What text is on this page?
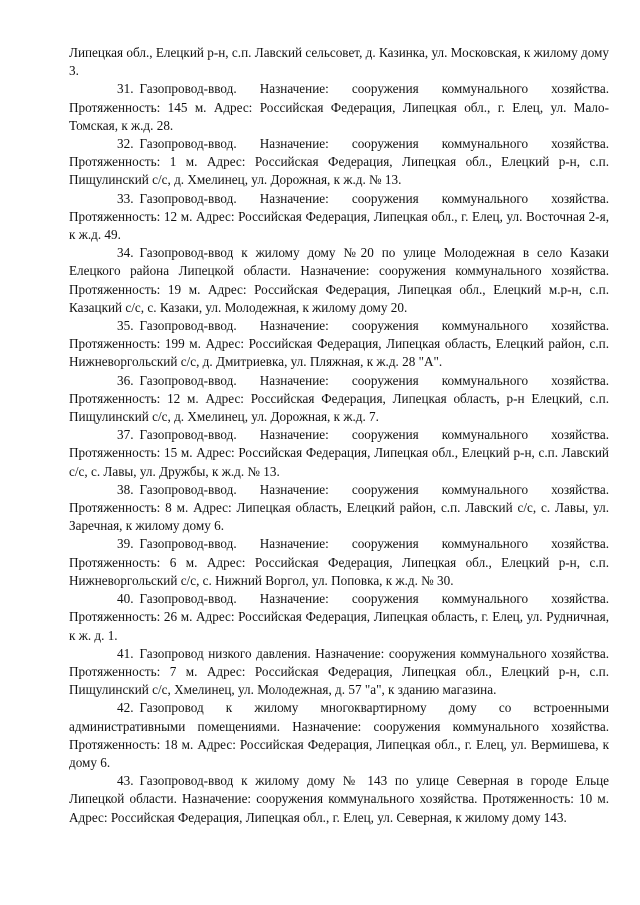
Липецкая обл., Елецкий р-н, с.п. Лавский сельсовет, д. Казинка, ул. Московская, к жилому дому 3.

31. Газопровод-ввод. Назначение: сооружения коммунального хозяйства. Протяженность: 145 м. Адрес: Российская Федерация, Липецкая обл., г. Елец, ул. Мало-Томская, к ж.д. 28.

32. Газопровод-ввод. Назначение: сооружения коммунального хозяйства. Протяженность: 1 м. Адрес: Российская Федерация, Липецкая обл., Елецкий р-н, с.п. Пищулинский с/с, д. Хмелинец, ул. Дорожная, к ж.д. № 13.

33. Газопровод-ввод. Назначение: сооружения коммунального хозяйства. Протяженность: 12 м. Адрес: Российская Федерация, Липецкая обл., г. Елец, ул. Восточная 2-я, к ж.д. 49.

34. Газопровод-ввод к жилому дому №20 по улице Молодежная в село Казаки Елецкого района Липецкой области. Назначение: сооружения коммунального хозяйства. Протяженность: 19 м. Адрес: Российская Федерация, Липецкая обл., Елецкий м.р-н, с.п. Казацкий с/с, с. Казаки, ул. Молодежная, к жилому дому 20.

35. Газопровод-ввод. Назначение: сооружения коммунального хозяйства. Протяженность: 199 м. Адрес: Российская Федерация, Липецкая область, Елецкий район, с.п. Нижневоргольский с/с, д. Дмитриевка, ул. Пляжная, к ж.д. 28 "А".

36. Газопровод-ввод. Назначение: сооружения коммунального хозяйства. Протяженность: 12 м. Адрес: Российская Федерация, Липецкая область, р-н Елецкий, с.п. Пищулинский с/с, д. Хмелинец, ул. Дорожная, к ж.д. 7.

37. Газопровод-ввод. Назначение: сооружения коммунального хозяйства. Протяженность: 15 м. Адрес: Российская Федерация, Липецкая обл., Елецкий р-н, с.п. Лавский с/с, с. Лавы, ул. Дружбы, к ж.д. № 13.

38. Газопровод-ввод. Назначение: сооружения коммунального хозяйства. Протяженность: 8 м. Адрес: Липецкая область, Елецкий район, с.п. Лавский с/с, с. Лавы, ул. Заречная, к жилому дому 6.

39. Газопровод-ввод. Назначение: сооружения коммунального хозяйства. Протяженность: 6 м. Адрес: Российская Федерация, Липецкая обл., Елецкий р-н, с.п. Нижневоргольский с/с, с. Нижний Воргол, ул. Поповка, к ж.д. № 30.

40. Газопровод-ввод. Назначение: сооружения коммунального хозяйства. Протяженность: 26 м. Адрес: Российская Федерация, Липецкая область, г. Елец, ул. Рудничная, к ж. д. 1.

41. Газопровод низкого давления. Назначение: сооружения коммунального хозяйства. Протяженность: 7 м. Адрес: Российская Федерация, Липецкая обл., Елецкий р-н, с.п. Пищулинский с/с, Хмелинец, ул. Молодежная, д. 57 "а", к зданию магазина.

42. Газопровод к жилому многоквартирному дому со встроенными административными помещениями. Назначение: сооружения коммунального хозяйства. Протяженность: 18 м. Адрес: Российская Федерация, Липецкая обл., г. Елец, ул. Вермишева, к дому 6.

43. Газопровод-ввод к жилому дому № 143 по улице Северная в городе Ельце Липецкой области. Назначение: сооружения коммунального хозяйства. Протяженность: 10 м. Адрес: Российская Федерация, Липецкая обл., г. Елец, ул. Северная, к жилому дому 143.
